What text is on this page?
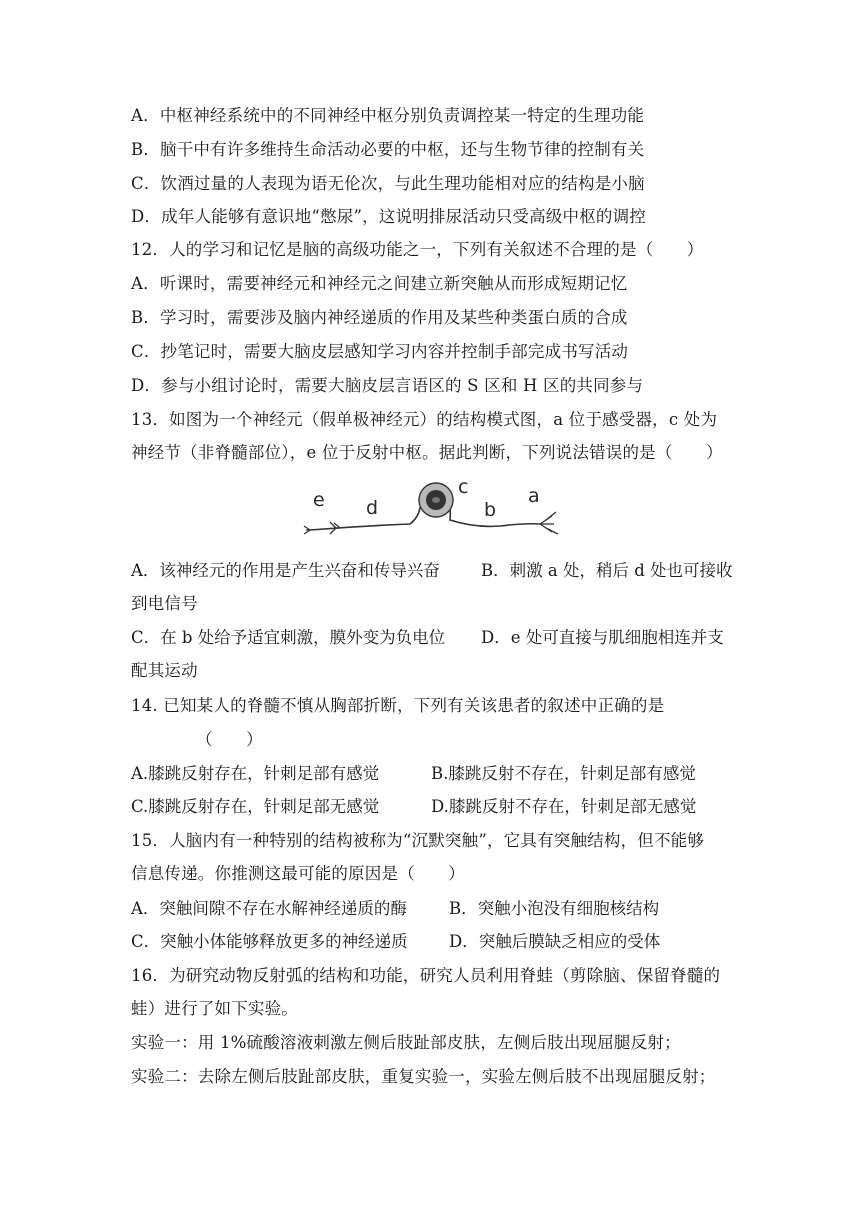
A．中枢神经系统中的不同神经中枢分别负责调控某一特定的生理功能
B．脑干中有许多维持生命活动必要的中枢，还与生物节律的控制有关
C．饮酒过量的人表现为语无伦次，与此生理功能相对应的结构是小脑
D．成年人能够有意识地“憋尿”，这说明排尿活动只受高级中枢的调控
12．人的学习和记忆是脑的高级功能之一，下列有关叙述不合理的是（　　）
A．听课时，需要神经元和神经元之间建立新突触从而形成短期记忆
B．学习时，需要涉及脑内神经递质的作用及某些种类蛋白质的合成
C．抄笔记时，需要大脑皮层感知学习内容并控制手部完成书写活动
D．参与小组讨论时，需要大脑皮层言语区的 S 区和 H 区的共同参与
13．如图为一个神经元（假单极神经元）的结构模式图，a 位于感受器，c 处为
神经节（非脊髓部位），e 位于反射中枢。据此判断，下列说法错误的是（　　）
e d
c
b
a
A．该神经元的作用是产生兴奋和传导兴奋 B．刺激 a 处，稍后 d 处也可接收
到电信号
C．在 b 处给予适宜刺激，膜外变为负电位 D．e 处可直接与肌细胞相连并支
配其运动
14. 已知某人的脊髓不慎从胸部折断，下列有关该患者的叙述中正确的是
（　　）
A.膝跳反射存在，针刺足部有感觉	B.膝跳反射不存在，针刺足部有感觉
C.膝跳反射存在，针刺足部无感觉	D.膝跳反射不存在，针刺足部无感觉
15．人脑内有一种特别的结构被称为“沉默突触”，它具有突触结构，但不能够
信息传递。你推测这最可能的原因是（　　）
A．突触间隙不存在水解神经递质的酶	B．突触小泡没有细胞核结构
C．突触小体能够释放更多的神经递质	D．突触后膜缺乏相应的受体
16．为研究动物反射弧的结构和功能，研究人员利用脊蛙（剪除脑、保留脊髓的
蛙）进行了如下实验。
实验一：用 1%硫酸溶液刺激左侧后肢趾部皮肤，左侧后肢出现屈腿反射；
实验二：去除左侧后肢趾部皮肤，重复实验一，实验左侧后肢不出现屈腿反射；
